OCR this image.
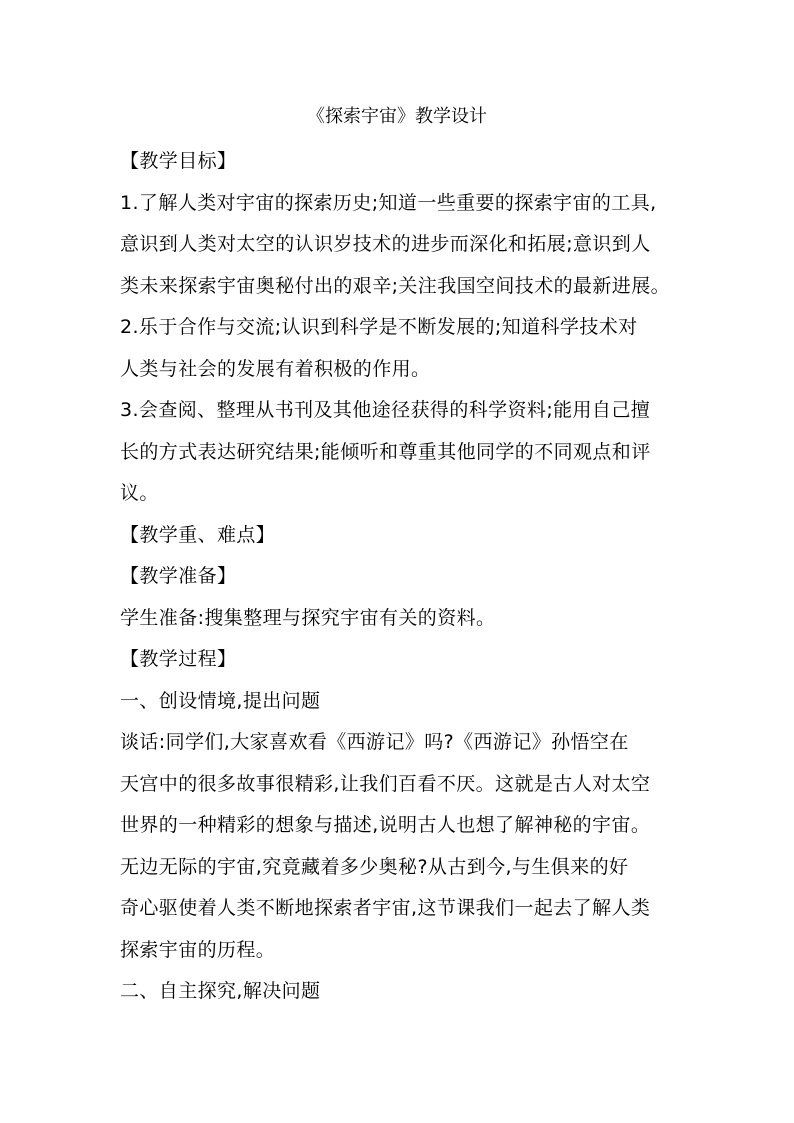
《探索宇宙》教学设计
【教学目标】
1.了解人类对宇宙的探索历史;知道一些重要的探索宇宙的工具,
意识到人类对太空的认识岁技术的进步而深化和拓展;意识到人
类未来探索宇宙奥秘付出的艰辛;关注我国空间技术的最新进展。
2.乐于合作与交流;认识到科学是不断发展的;知道科学技术对
人类与社会的发展有着积极的作用。
3.会查阅、整理从书刊及其他途径获得的科学资料;能用自己擅
长的方式表达研究结果;能倾听和尊重其他同学的不同观点和评
议。
【教学重、难点】
【教学准备】
学生准备:搜集整理与探究宇宙有关的资料。
【教学过程】
一、创设情境,提出问题
谈话:同学们,大家喜欢看《西游记》吗?《西游记》孙悟空在
天宫中的很多故事很精彩,让我们百看不厌。这就是古人对太空
世界的一种精彩的想象与描述,说明古人也想了解神秘的宇宙。
无边无际的宇宙,究竟藏着多少奥秘?从古到今,与生俱来的好
奇心驱使着人类不断地探索者宇宙,这节课我们一起去了解人类
探索宇宙的历程。
二、自主探究,解决问题
